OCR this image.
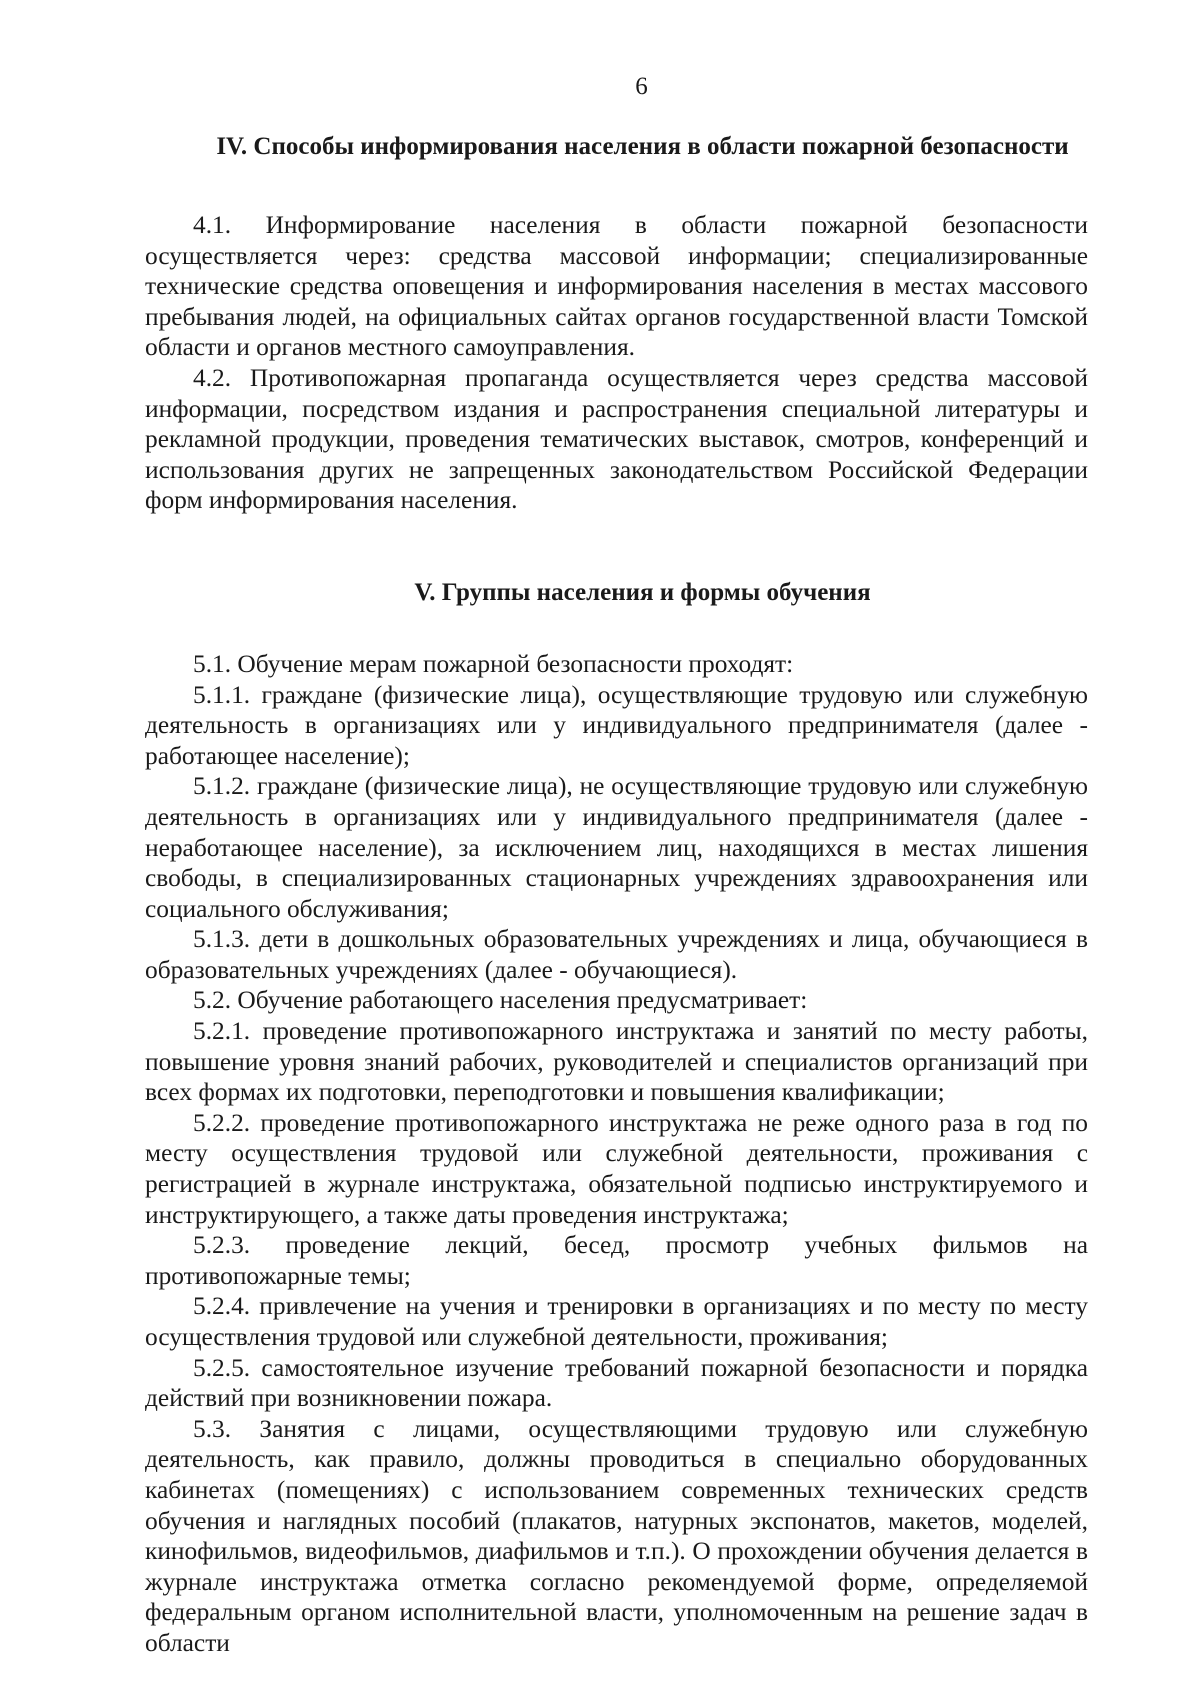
6
IV. Способы информирования населения в области пожарной безопасности

4.1. Информирование населения в области пожарной безопасности осуществляется через: средства массовой информации; специализированные технические средства оповещения и информирования населения в местах массового пребывания людей, на официальных сайтах органов государственной власти Томской области и органов местного самоуправления.

4.2. Противопожарная пропаганда осуществляется через средства массовой информации, посредством издания и распространения специальной литературы и рекламной продукции, проведения тематических выставок, смотров, конференций и использования других не запрещенных законодательством Российской Федерации форм информирования населения.

V. Группы населения и формы обучения

5.1. Обучение мерам пожарной безопасности проходят:

5.1.1. граждане (физические лица), осуществляющие трудовую или служебную деятельность в организациях или у индивидуального предпринимателя (далее - работающее население);

5.1.2. граждане (физические лица), не осуществляющие трудовую или служебную деятельность в организациях или у индивидуального предпринимателя (далее - неработающее население), за исключением лиц, находящихся в местах лишения свободы, в специализированных стационарных учреждениях здравоохранения или социального обслуживания;

5.1.3. дети в дошкольных образовательных учреждениях и лица, обучающиеся в образовательных учреждениях (далее - обучающиеся).

5.2. Обучение работающего населения предусматривает:

5.2.1. проведение противопожарного инструктажа и занятий по месту работы, повышение уровня знаний рабочих, руководителей и специалистов организаций при всех формах их подготовки, переподготовки и повышения квалификации;

5.2.2. проведение противопожарного инструктажа не реже одного раза в год по месту осуществления трудовой или служебной деятельности, проживания с регистрацией в журнале инструктажа, обязательной подписью инструктируемого и инструктирующего, а также даты проведения инструктажа;

5.2.3. проведение лекций, бесед, просмотр учебных фильмов на противопожарные темы;

5.2.4. привлечение на учения и тренировки в организациях и по месту по месту осуществления трудовой или служебной деятельности, проживания;

5.2.5. самостоятельное изучение требований пожарной безопасности и порядка действий при возникновении пожара.

5.3. Занятия с лицами, осуществляющими трудовую или служебную деятельность, как правило, должны проводиться в специально оборудованных кабинетах (помещениях) с использованием современных технических средств обучения и наглядных пособий (плакатов, натурных экспонатов, макетов, моделей, кинофильмов, видеофильмов, диафильмов и т.п.). О прохождении обучения делается в журнале инструктажа отметка согласно рекомендуемой форме, определяемой федеральным органом исполнительной власти, уполномоченным на решение задач в области
